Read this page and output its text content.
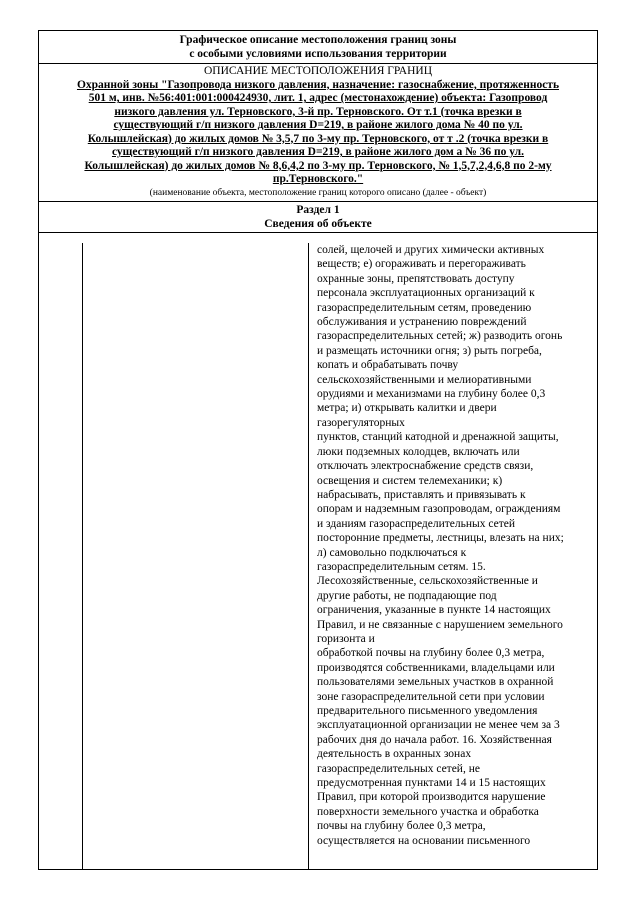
Графическое описание местоположения границ зоны
с особыми условиями использования территории
ОПИСАНИЕ МЕСТОПОЛОЖЕНИЯ ГРАНИЦ
Охранной зоны "Газопровода низкого давления, назначение: газоснабжение, протяженность
501 м, инв. №56:401:001:000424930, лит. 1, адрес (местонахождение) объекта: Газопровод
низкого давления ул. Терновского, 3-й пр. Терновского. От т.1 (точка врезки в
существующий г/п низкого давления D=219, в районе жилого дома № 40 по ул.
Колышлейская) до жилых домов № 3,5,7 по 3-му пр. Терновского, от т .2 (точка врезки в
существующий г/п низкого давления D=219, в районе жилого дом а № 36 по ул.
Колышлейская) до жилых домов № 8,6,4,2 по 3-му пр. Терновского, № 1,5,7,2,4,6,8 по 2-му
пр.Терновского."
(наименование объекта, местоположение границ которого описано (далее - объект)
Раздел 1
Сведения об объекте
солей, щелочей и других химически активных
веществ; е) огораживать и перегораживать
охранные зоны, препятствовать доступу
персонала эксплуатационных организаций к
газораспределительным сетям, проведению
обслуживания и устранению повреждений
газораспределительных сетей; ж) разводить огонь
и размещать источники огня; з) рыть погреба,
копать и обрабатывать почву
сельскохозяйственными и мелиоративными
орудиями и механизмами на глубину более 0,3
метра; и) открывать калитки и двери
газорегуляторных
пунктов, станций катодной и дренажной защиты,
люки подземных колодцев, включать или
отключать электроснабжение средств связи,
освещения и систем телемеханики; к)
набрасывать, приставлять и привязывать к
опорам и надземным газопроводам, ограждениям
и зданиям газораспределительных сетей
посторонние предметы, лестницы, влезать на них;
л) самовольно подключаться к
газораспределительным сетям. 15.
Лесохозяйственные, сельскохозяйственные и
другие работы, не подпадающие под
ограничения, указанные в пункте 14 настоящих
Правил, и не связанные с нарушением земельного
горизонта и
обработкой почвы на глубину более 0,3 метра,
производятся собственниками, владельцами или
пользователями земельных участков в охранной
зоне газораспределительной сети при условии
предварительного письменного уведомления
эксплуатационной организации не менее чем за 3
рабочих дня до начала работ. 16. Хозяйственная
деятельность в охранных зонах
газораспределительных сетей, не
предусмотренная пунктами 14 и 15 настоящих
Правил, при которой производится нарушение
поверхности земельного участка и обработка
почвы на глубину более 0,3 метра,
осуществляется на основании письменного
